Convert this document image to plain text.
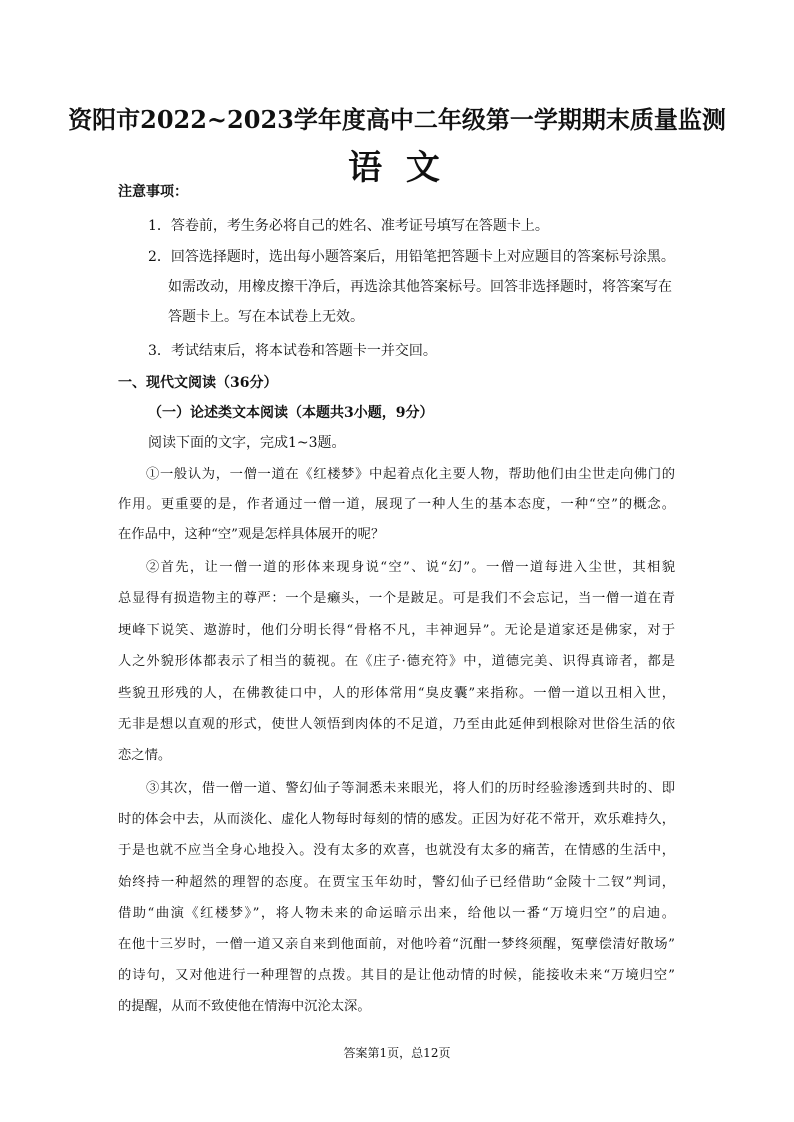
资阳市2022~2023学年度高中二年级第一学期期末质量监测
语 文
注意事项：
1．答卷前，考生务必将自己的姓名、准考证号填写在答题卡上。
2．回答选择题时，选出每小题答案后，用铅笔把答题卡上对应题目的答案标号涂黑。
如需改动，用橡皮擦干净后，再选涂其他答案标号。回答非选择题时，将答案写在
答题卡上。写在本试卷上无效。
3．考试结束后，将本试卷和答题卡一并交回。
一、现代文阅读（36分）
（一）论述类文本阅读（本题共3小题，9分）
阅读下面的文字，完成1~3题。
①一般认为，一僧一道在《红楼梦》中起着点化主要人物，帮助他们由尘世走向佛门的
作用。更重要的是，作者通过一僧一道，展现了一种人生的基本态度，一种“空”的概念。
在作品中，这种“空”观是怎样具体展开的呢？
②首先，让一僧一道的形体来现身说“空”、说“幻”。一僧一道每进入尘世，其相貌
总显得有损造物主的尊严：一个是癞头，一个是跛足。可是我们不会忘记，当一僧一道在青
埂峰下说笑、遨游时，他们分明长得“骨格不凡，丰神迥异”。无论是道家还是佛家，对于
人之外貌形体都表示了相当的藐视。在《庄子·德充符》中，道德完美、识得真谛者，都是
些貌丑形残的人，在佛教徒口中，人的形体常用“臭皮囊”来指称。一僧一道以丑相入世，
无非是想以直观的形式，使世人领悟到肉体的不足道，乃至由此延伸到根除对世俗生活的依
恋之情。
③其次，借一僧一道、警幻仙子等洞悉未来眼光，将人们的历时经验渗透到共时的、即
时的体会中去，从而淡化、虚化人物每时每刻的情的感发。正因为好花不常开，欢乐难持久，
于是也就不应当全身心地投入。没有太多的欢喜，也就没有太多的痛苦，在情感的生活中，
始终持一种超然的理智的态度。在贾宝玉年幼时，警幻仙子已经借助“金陵十二钗”判词，
借助“曲演《红楼梦》”，将人物未来的命运暗示出来，给他以一番“万境归空”的启迪。
在他十三岁时，一僧一道又亲自来到他面前，对他吟着“沉酣一梦终须醒，冤孽偿清好散场”
的诗句，又对他进行一种理智的点拨。其目的是让他动情的时候，能接收未来“万境归空”
的提醒，从而不致使他在情海中沉沦太深。
答案第1页，总12页
